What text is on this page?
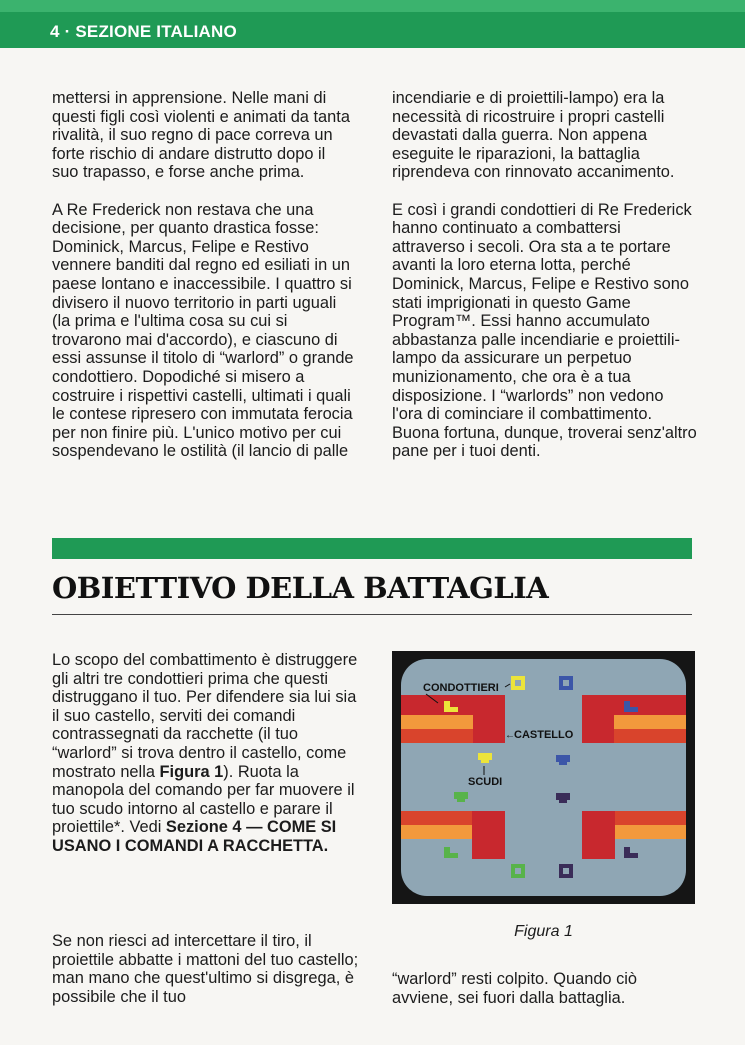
4 · SEZIONE ITALIANO

mettersi in apprensione. Nelle mani di questi figli così violenti e animati da tanta rivalità, il suo regno di pace correva un forte rischio di andare distrutto dopo il suo trapasso, e forse anche prima.

A Re Frederick non restava che una decisione, per quanto drastica fosse: Dominick, Marcus, Felipe e Restivo vennere banditi dal regno ed esiliati in un paese lontano e inaccessibile. I quattro si divisero il nuovo territorio in parti uguali (la prima e l'ultima cosa su cui si trovarono mai d'accordo), e ciascuno di essi assunse il titolo di “warlord” o grande condottiero. Dopodiché si misero a costruire i rispettivi castelli, ultimati i quali le contese ripresero con immutata ferocia per non finire più. L'unico motivo per cui sospendevano le ostilità (il lancio di palle

incendiarie e di proiettili-lampo) era la necessità di ricostruire i propri castelli devastati dalla guerra. Non appena eseguite le riparazioni, la battaglia riprendeva con rinnovato accanimento.

E così i grandi condottieri di Re Frederick hanno continuato a combattersi attraverso i secoli. Ora sta a te portare avanti la loro eterna lotta, perché Dominick, Marcus, Felipe e Restivo sono stati imprigionati in questo Game Program™. Essi hanno accumulato abbastanza palle incendiarie e proiettili-lampo da assicurare un perpetuo munizionamento, che ora è a tua disposizione. I “warlords” non vedono l'ora di cominciare il combattimento. Buona fortuna, dunque, troverai senz'altro pane per i tuoi denti.

OBIETTIVO DELLA BATTAGLIA

Lo scopo del combattimento è distruggere gli altri tre condottieri prima che questi distruggano il tuo. Per difendere sia lui sia il suo castello, serviti dei comandi contrassegnati da racchette (il tuo “warlord” si trova dentro il castello, come mostrato nella Figura 1). Ruota la manopola del comando per far muovere il tuo scudo intorno al castello e parare il proiettile*. Vedi Sezione 4 — COME SI USANO I COMANDI A RACCHETTA.

Se non riesci ad intercettare il tiro, il proiettile abbatte i mattoni del tuo castello; man mano che quest'ultimo si disgrega, è possibile che il tuo

“warlord” resti colpito. Quando ciò avviene, sei fuori dalla battaglia.

CONDOTTIERI
← CASTELLO
SCUDI
Figura 1
